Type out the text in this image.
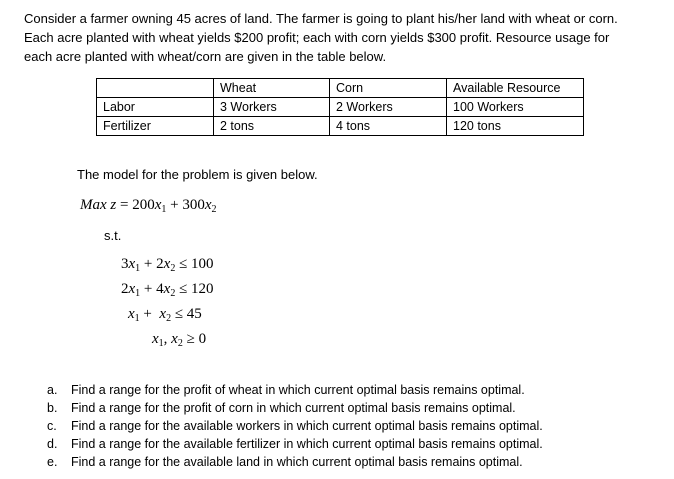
Consider a farmer owning 45 acres of land. The farmer is going to plant his/her land with wheat or corn.
Each acre planted with wheat yields $200 profit; each with corn yields $300 profit. Resource usage for
each acre planted with wheat/corn are given in the table below.
	Wheat	Corn	Available Resource
Labor	3 Workers	2 Workers	100 Workers
Fertilizer	2 tons	4 tons	120 tons
The model for the problem is given below.
Max $z = 200x_1 + 300x_2$
s.t.
$3x_1 + 2x_2 \le 100$
$2x_1 + 4x_2 \le 120$
$x_1 + x_2 \le 45$
$x_1$, $x_2 \ge 0$
a. Find a range for the profit of wheat in which current optimal basis remains optimal.
b. Find a range for the profit of corn in which current optimal basis remains optimal.
c. Find a range for the available workers in which current optimal basis remains optimal.
d. Find a range for the available fertilizer in which current optimal basis remains optimal.
e. Find a range for the available land in which current optimal basis remains optimal.
